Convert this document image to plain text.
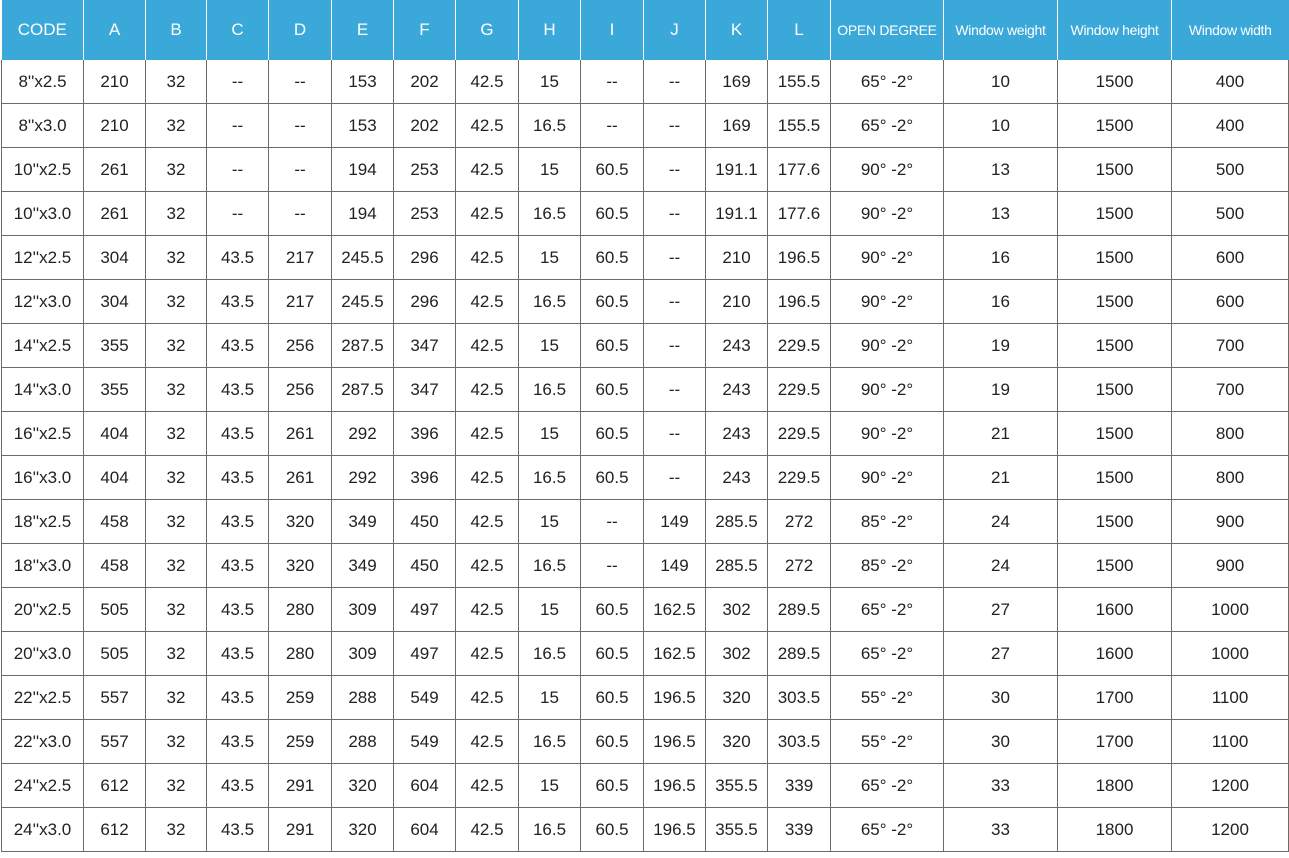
CODE	A	B	C	D	E	F	G	H	I	J	K	L	OPEN DEGREE	Window weight	Window height	Window width
8''x2.5	210	32	--	--	153	202	42.5	15	--	--	169	155.5	65° -2°	10	1500	400
8''x3.0	210	32	--	--	153	202	42.5	16.5	--	--	169	155.5	65° -2°	10	1500	400
10''x2.5	261	32	--	--	194	253	42.5	15	60.5	--	191.1	177.6	90° -2°	13	1500	500
10''x3.0	261	32	--	--	194	253	42.5	16.5	60.5	--	191.1	177.6	90° -2°	13	1500	500
12''x2.5	304	32	43.5	217	245.5	296	42.5	15	60.5	--	210	196.5	90° -2°	16	1500	600
12''x3.0	304	32	43.5	217	245.5	296	42.5	16.5	60.5	--	210	196.5	90° -2°	16	1500	600
14''x2.5	355	32	43.5	256	287.5	347	42.5	15	60.5	--	243	229.5	90° -2°	19	1500	700
14''x3.0	355	32	43.5	256	287.5	347	42.5	16.5	60.5	--	243	229.5	90° -2°	19	1500	700
16''x2.5	404	32	43.5	261	292	396	42.5	15	60.5	--	243	229.5	90° -2°	21	1500	800
16''x3.0	404	32	43.5	261	292	396	42.5	16.5	60.5	--	243	229.5	90° -2°	21	1500	800
18''x2.5	458	32	43.5	320	349	450	42.5	15	--	149	285.5	272	85° -2°	24	1500	900
18''x3.0	458	32	43.5	320	349	450	42.5	16.5	--	149	285.5	272	85° -2°	24	1500	900
20''x2.5	505	32	43.5	280	309	497	42.5	15	60.5	162.5	302	289.5	65° -2°	27	1600	1000
20''x3.0	505	32	43.5	280	309	497	42.5	16.5	60.5	162.5	302	289.5	65° -2°	27	1600	1000
22''x2.5	557	32	43.5	259	288	549	42.5	15	60.5	196.5	320	303.5	55° -2°	30	1700	1100
22''x3.0	557	32	43.5	259	288	549	42.5	16.5	60.5	196.5	320	303.5	55° -2°	30	1700	1100
24''x2.5	612	32	43.5	291	320	604	42.5	15	60.5	196.5	355.5	339	65° -2°	33	1800	1200
24''x3.0	612	32	43.5	291	320	604	42.5	16.5	60.5	196.5	355.5	339	65° -2°	33	1800	1200
